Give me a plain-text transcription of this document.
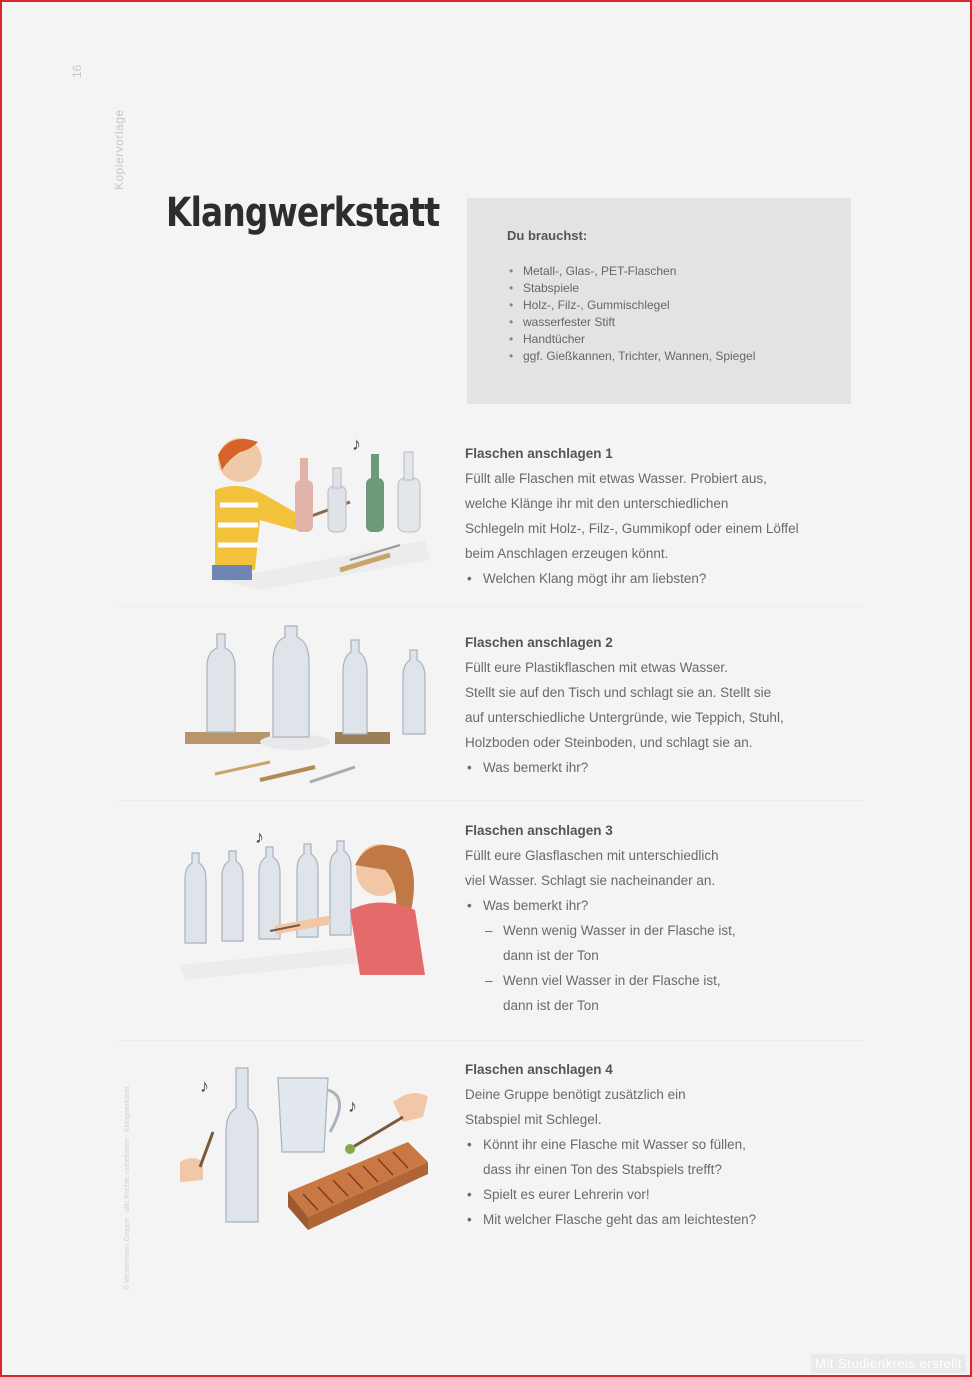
16
Kopiervorlage
© Westermann Gruppe · alle Rechte vorbehalten · Klangwerkstatt
Klangwerkstatt	Du brauchst:
• Metall-, Glas-, PET-Flaschen
• Stabspiele
• Holz-, Filz-, Gummischlegel
• wasserfester Stift
• Handtücher
• ggf. Gießkannen, Trichter, Wannen, Spiegel
♪
♪
♪
♪
Flaschen anschlagen 1
Füllt alle Flaschen mit etwas Wasser. Probiert aus,
welche Klänge ihr mit den unterschiedlichen
Schlegeln mit Holz-, Filz-, Gummikopf oder einem Löffel
beim Anschlagen erzeugen könnt.
• Welchen Klang mögt ihr am liebsten?
Flaschen anschlagen 2
Füllt eure Plastikflaschen mit etwas Wasser.
Stellt sie auf den Tisch und schlagt sie an. Stellt sie
auf unterschiedliche Untergründe, wie Teppich, Stuhl,
Holzboden oder Steinboden, und schlagt sie an.
• Was bemerkt ihr?
Flaschen anschlagen 3
Füllt eure Glasflaschen mit unterschiedlich
viel Wasser. Schlagt sie nacheinander an.
• Was bemerkt ihr?
– Wenn wenig Wasser in der Flasche ist,
dann ist der Ton
– Wenn viel Wasser in der Flasche ist,
dann ist der Ton
Flaschen anschlagen 4
Deine Gruppe benötigt zusätzlich ein
Stabspiel mit Schlegel.
• Könnt ihr eine Flasche mit Wasser so füllen,
dass ihr einen Ton des Stabspiels trefft?
• Spielt es eurer Lehrerin vor!
• Mit welcher Flasche geht das am leichtesten?
Mit Studienkreis erstellt
